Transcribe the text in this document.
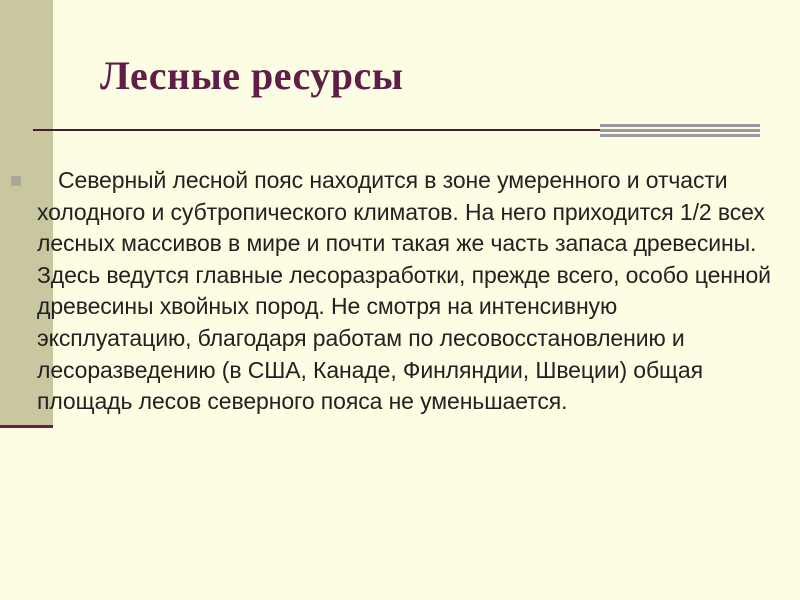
Лесные ресурсы
Северный лесной пояс находится в зоне умеренного и отчасти холодного и субтропического климатов. На него приходится 1/2 всех лесных массивов в мире и почти такая же часть запаса древесины. Здесь ведутся главные лесоразработки, прежде всего, особо ценной древесины хвойных пород. Не смотря на интенсивную эксплуатацию, благодаря работам по лесовосстановлению и лесоразведению (в США, Канаде, Финляндии, Швеции) общая площадь лесов северного пояса не уменьшается.
